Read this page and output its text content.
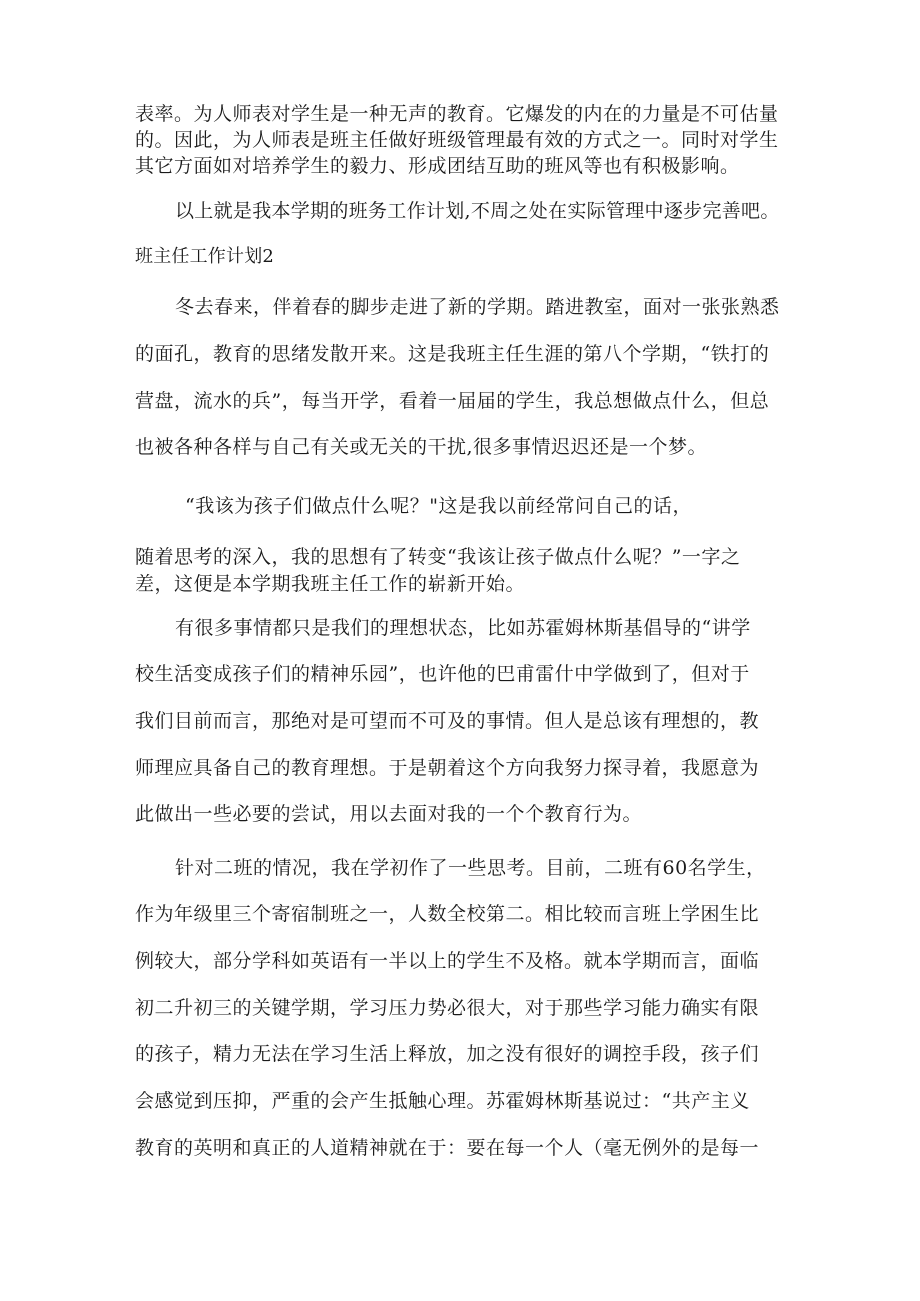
表率。为人师表对学生是一种无声的教育。它爆发的内在的力量是不可估量
的。因此，为人师表是班主任做好班级管理最有效的方式之一。同时对学生
其它方面如对培养学生的毅力、形成团结互助的班风等也有积极影响。
以上就是我本学期的班务工作计划,不周之处在实际管理中逐步完善吧。
班主任工作计划2
冬去春来，伴着春的脚步走进了新的学期。踏进教室，面对一张张熟悉
的面孔，教育的思绪发散开来。这是我班主任生涯的第八个学期，“铁打的
营盘，流水的兵”，每当开学，看着一届届的学生，我总想做点什么，但总
也被各种各样与自己有关或无关的干扰,很多事情迟迟还是一个梦。
“我该为孩子们做点什么呢？"这是我以前经常问自己的话，
随着思考的深入，我的思想有了转变“我该让孩子做点什么呢？”一字之
差，这便是本学期我班主任工作的崭新开始。
有很多事情都只是我们的理想状态，比如苏霍姆林斯基倡导的“讲学
校生活变成孩子们的精神乐园”，也许他的巴甫雷什中学做到了，但对于
我们目前而言，那绝对是可望而不可及的事情。但人是总该有理想的，教
师理应具备自己的教育理想。于是朝着这个方向我努力探寻着，我愿意为
此做出一些必要的尝试，用以去面对我的一个个教育行为。
针对二班的情况，我在学初作了一些思考。目前，二班有60名学生，
作为年级里三个寄宿制班之一，人数全校第二。相比较而言班上学困生比
例较大，部分学科如英语有一半以上的学生不及格。就本学期而言，面临
初二升初三的关键学期，学习压力势必很大，对于那些学习能力确实有限
的孩子，精力无法在学习生活上释放，加之没有很好的调控手段，孩子们
会感觉到压抑，严重的会产生抵触心理。苏霍姆林斯基说过：“共产主义
教育的英明和真正的人道精神就在于：要在每一个人（毫无例外的是每一
